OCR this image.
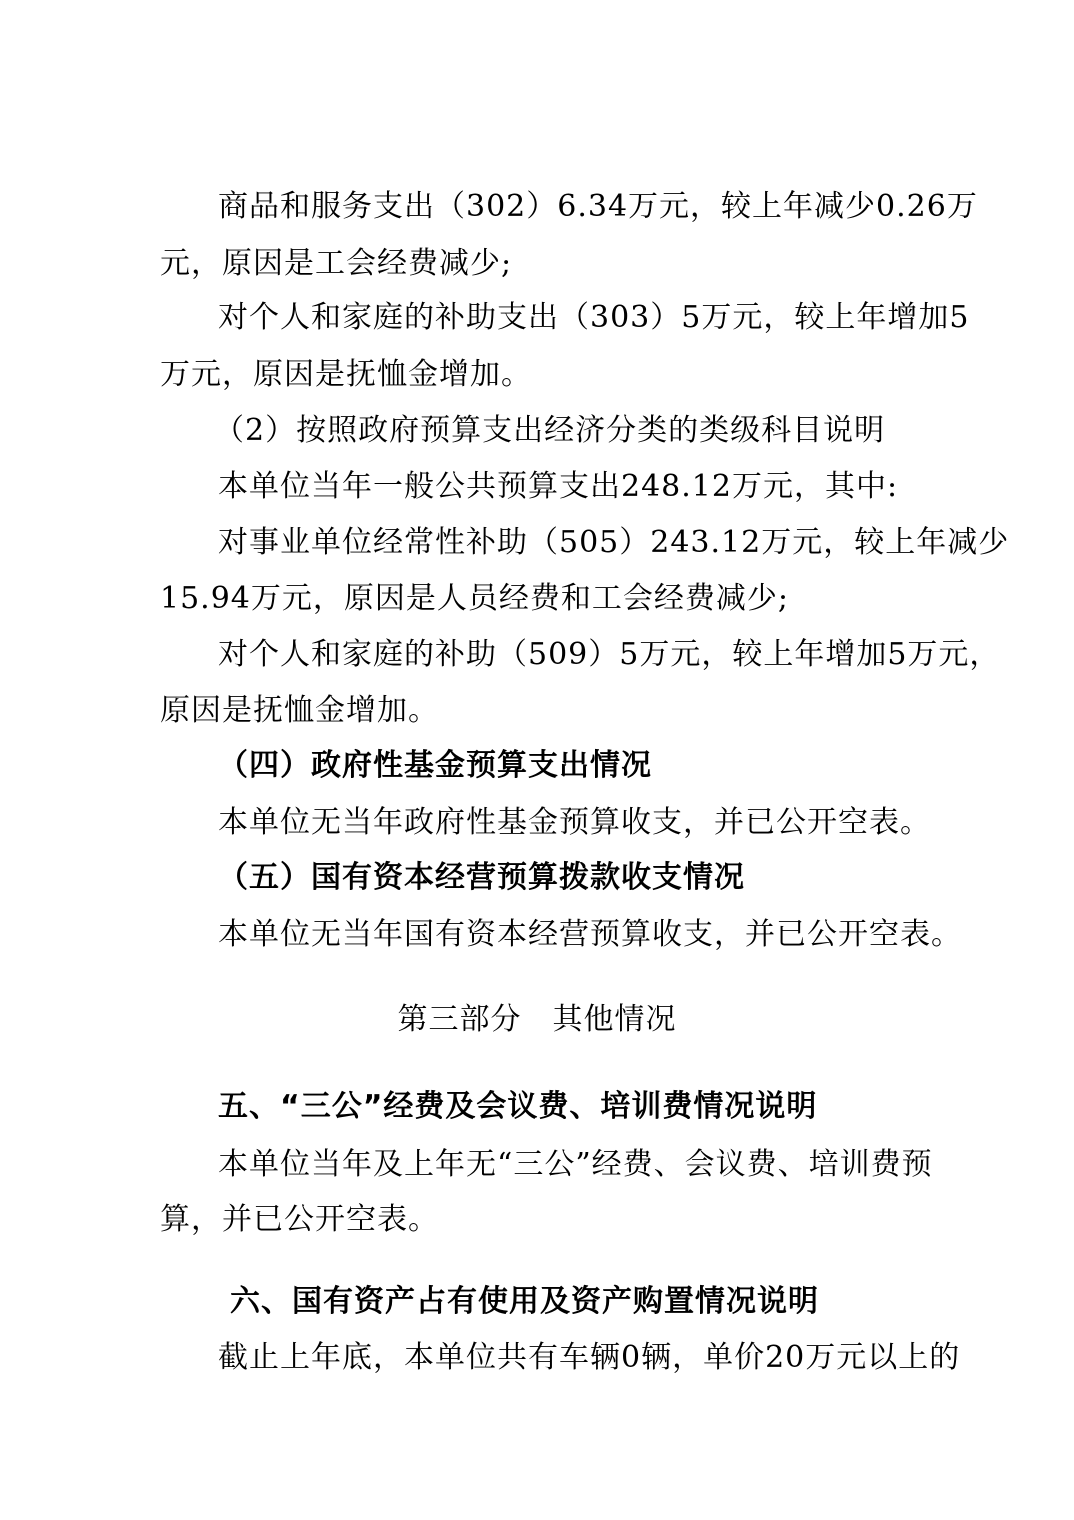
商品和服务支出（302）6.34万元，较上年减少0.26万
元，原因是工会经费减少;
对个人和家庭的补助支出（303）5万元，较上年增加5
万元，原因是抚恤金增加。
（2）按照政府预算支出经济分类的类级科目说明
本单位当年一般公共预算支出248.12万元，其中:
对事业单位经常性补助（505）243.12万元，较上年减少
15.94万元，原因是人员经费和工会经费减少;
对个人和家庭的补助（509）5万元，较上年增加5万元，
原因是抚恤金增加。
（四）政府性基金预算支出情况
本单位无当年政府性基金预算收支，并已公开空表。
（五）国有资本经营预算拨款收支情况
本单位无当年国有资本经营预算收支，并已公开空表。
第三部分　其他情况
五、“三公”经费及会议费、培训费情况说明
本单位当年及上年无“三公”经费、会议费、培训费预
算，并已公开空表。
六、国有资产占有使用及资产购置情况说明
截止上年底，本单位共有车辆0辆，单价20万元以上的
